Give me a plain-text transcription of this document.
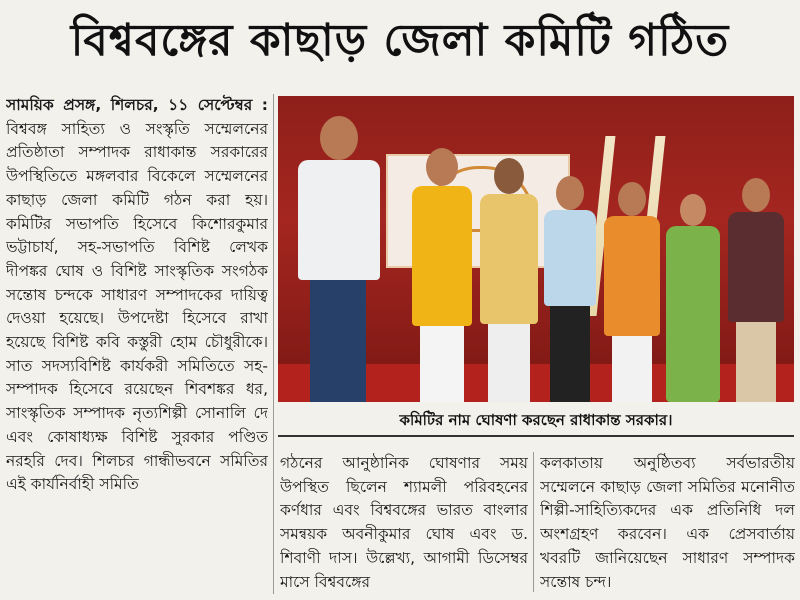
বিশ্ববঙ্গের কাছাড় জেলা কমিটি গঠিত
সাময়িক প্রসঙ্গ, শিলচর, ১১ সেপ্টেম্বর : বিশ্ববঙ্গ সাহিত্য ও সংস্কৃতি সম্মেলনের প্রতিষ্ঠাতা সম্পাদক রাধাকান্ত সরকারের উপস্থিতিতে মঙ্গলবার বিকেলে সম্মেলনের কাছাড় জেলা কমিটি গঠন করা হয়। কমিটির সভাপতি হিসেবে কিশোরকুমার ভট্টাচার্য, সহ-সভাপতি বিশিষ্ট লেখক দীপঙ্কর ঘোষ ও বিশিষ্ট সাংস্কৃতিক সংগঠক সন্তোষ চন্দকে সাধারণ সম্পাদকের দায়িত্ব দেওয়া হয়েছে। উপদেষ্টা হিসেবে রাখা হয়েছে বিশিষ্ট কবি কস্তুরী হোম চৌধুরীকে। সাত সদস্যবিশিষ্ট কার্যকরী সমিতিতে সহ-সম্পাদক হিসেবে রয়েছেন শিবশঙ্কর ধর, সাংস্কৃতিক সম্পাদক নৃত্যশিল্পী সোনালি দে এবং কোষাধ্যক্ষ বিশিষ্ট সুরকার পণ্ডিত নরহরি দেব। শিলচর গান্ধীভবনে সমিতির এই কার্যনির্বাহী সমিতি
কমিটির নাম ঘোষণা করছেন রাধাকান্ত সরকার।
গঠনের আনুষ্ঠানিক ঘোষণার সময় উপস্থিত ছিলেন শ্যামলী পরিবহনের কর্ণধার এবং বিশ্ববঙ্গের ভারত বাংলার সমন্বয়ক অবনীকুমার ঘোষ এবং ড. শিবাণী দাস। উল্লেখ্য, আগামী ডিসেম্বর মাসে বিশ্ববঙ্গের
কলকাতায় অনুষ্ঠিতব্য সর্বভারতীয় সম্মেলনে কাছাড় জেলা সমিতির মনোনীত শিল্পী-সাহিত্যিকদের এক প্রতিনিধি দল অংশগ্রহণ করবেন। এক প্রেসবার্তায় খবরটি জানিয়েছেন সাধারণ সম্পাদক সন্তোষ চন্দ।
